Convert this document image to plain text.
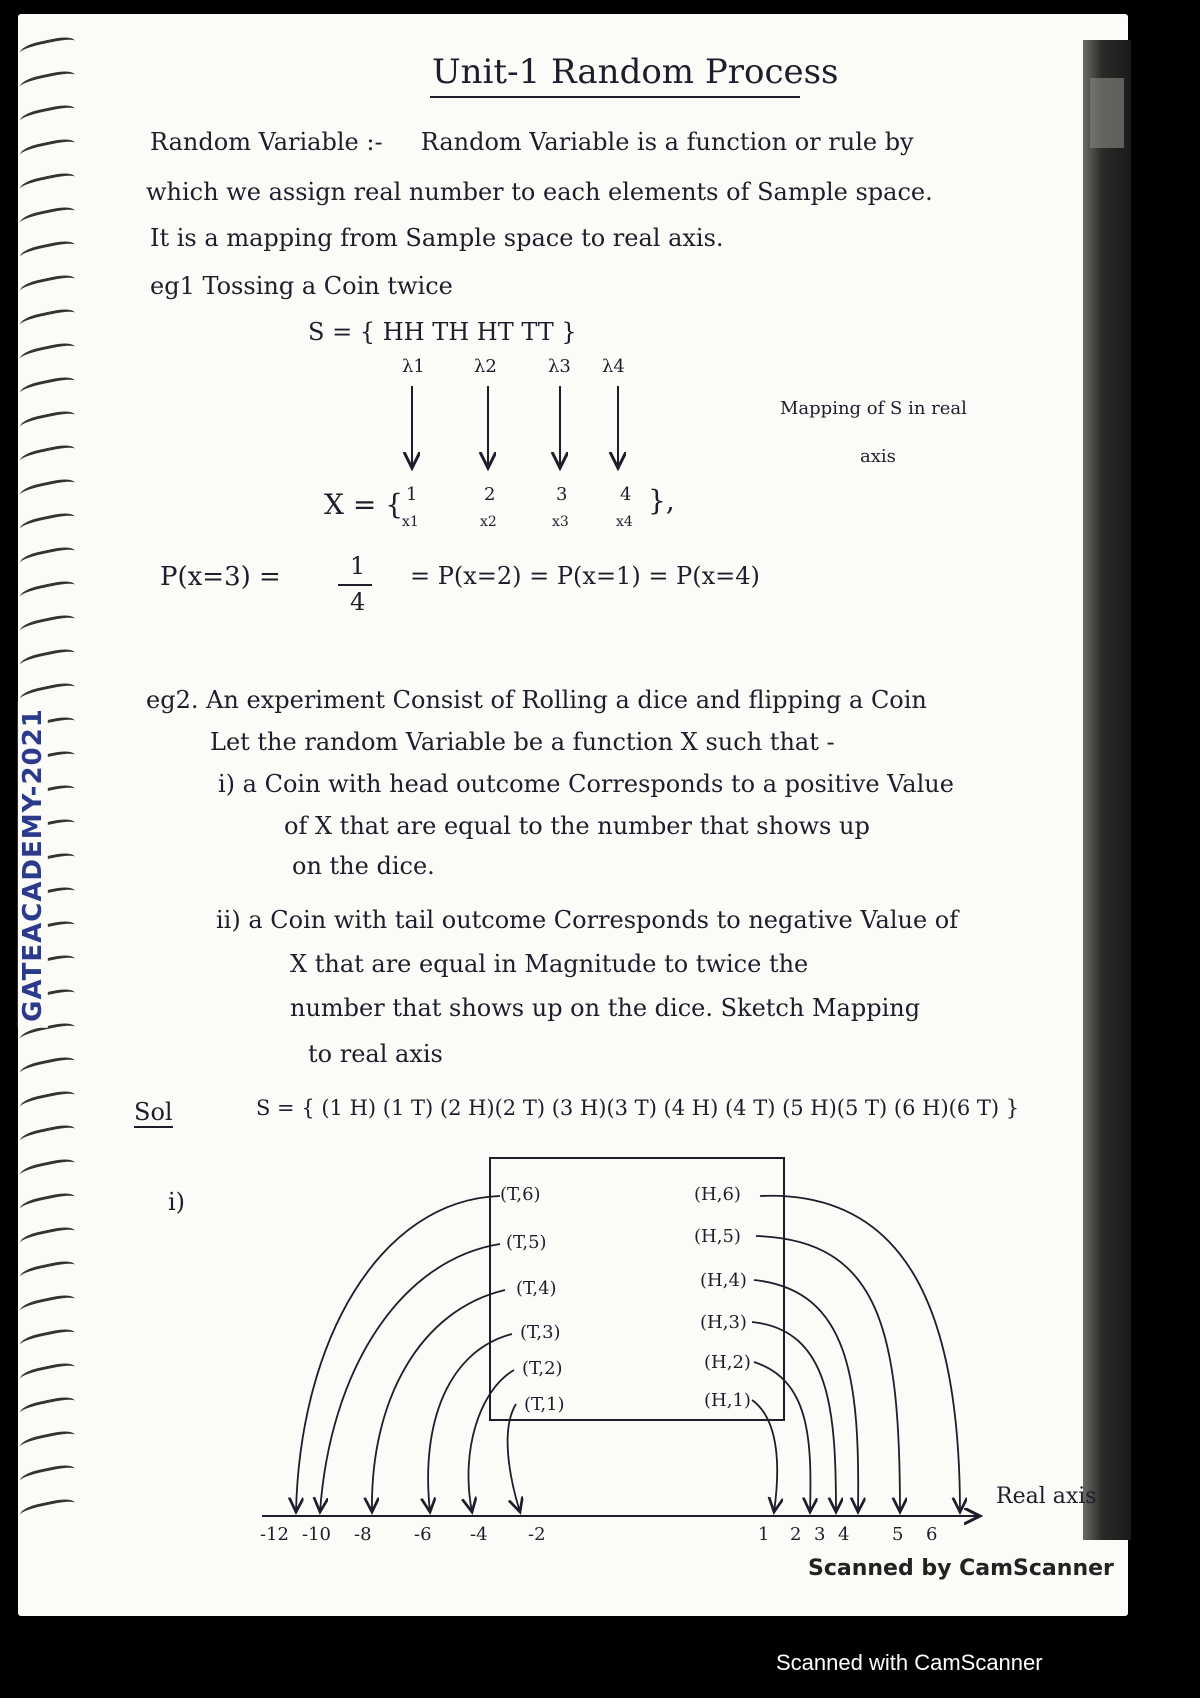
GATEACADEMY-2021
Unit-1 Random Process
Random Variable :- Random Variable is a function or rule by
which we assign real number to each elements of Sample space.
It is a mapping from Sample space to real axis.
eg1 Tossing a Coin twice
S = { HH TH HT TT }
λ1	λ2	λ3 λ4
Mapping of S in real
axis
X = { 1	2	3	4
x1	x2	x3	x4
},
P(x=3) =	1
4
= P(x=2) = P(x=1) = P(x=4)
eg2. An experiment Consist of Rolling a dice and flipping a Coin
Let the random Variable be a function X such that -
i) a Coin with head outcome Corresponds to a positive Value
of X that are equal to the number that shows up
on the dice.
ii) a Coin with tail outcome Corresponds to negative Value of
X that are equal in Magnitude to twice the
number that shows up on the dice. Sketch Mapping
to real axis
Sol	S = { (1 H) (1 T) (2 H)(2 T) (3 H)(3 T) (4 H) (4 T) (5 H)(5 T) (6 H)(6 T) }
i)	(T,6)
(T,5)
(T,4)
(T,3)
(T,2)
(T,1)
(H,6)
(H,5)
(H,4)
(H,3)
(H,2)
(H,1)
-12 -10 -8 -6 -4 -2	1 2 3 4 5 6
Real axis
Scanned by CamScanner
Scanned with CamScanner
